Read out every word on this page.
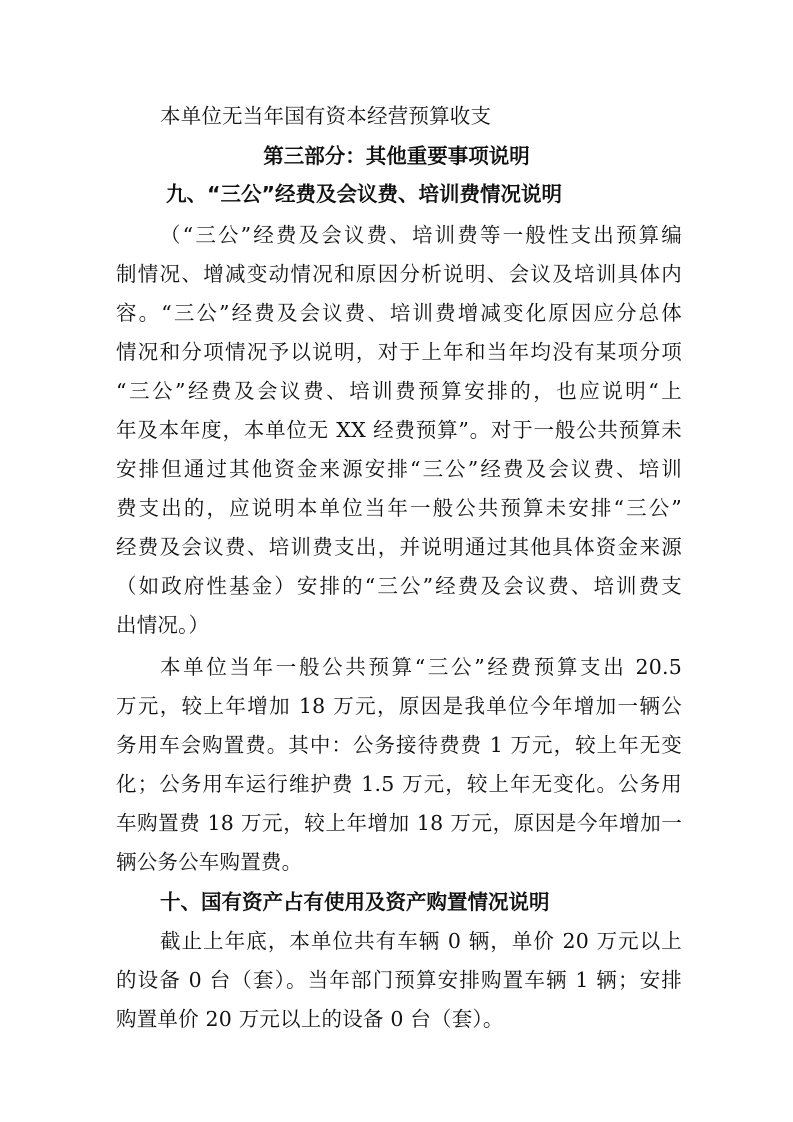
本单位无当年国有资本经营预算收支
第三部分：其他重要事项说明
九、“三公”经费及会议费、培训费情况说明
（“三公”经费及会议费、培训费等一般性支出预算编
制情况、增减变动情况和原因分析说明、会议及培训具体内
容。“三公”经费及会议费、培训费增减变化原因应分总体
情况和分项情况予以说明，对于上年和当年均没有某项分项
“三公”经费及会议费、培训费预算安排的，也应说明“上
年及本年度，本单位无 XX 经费预算”。对于一般公共预算未
安排但通过其他资金来源安排“三公”经费及会议费、培训
费支出的，应说明本单位当年一般公共预算未安排“三公”
经费及会议费、培训费支出，并说明通过其他具体资金来源
（如政府性基金）安排的“三公”经费及会议费、培训费支
出情况。）
本单位当年一般公共预算“三公”经费预算支出 20.5
万元，较上年增加 18 万元，原因是我单位今年增加一辆公
务用车会购置费。其中：公务接待费费 1 万元，较上年无变
化；公务用车运行维护费 1.5 万元，较上年无变化。公务用
车购置费 18 万元，较上年增加 18 万元，原因是今年增加一
辆公务公车购置费。
十、国有资产占有使用及资产购置情况说明
截止上年底，本单位共有车辆 0 辆，单价 20 万元以上
的设备 0 台（套）。当年部门预算安排购置车辆 1 辆；安排
购置单价 20 万元以上的设备 0 台（套）。
